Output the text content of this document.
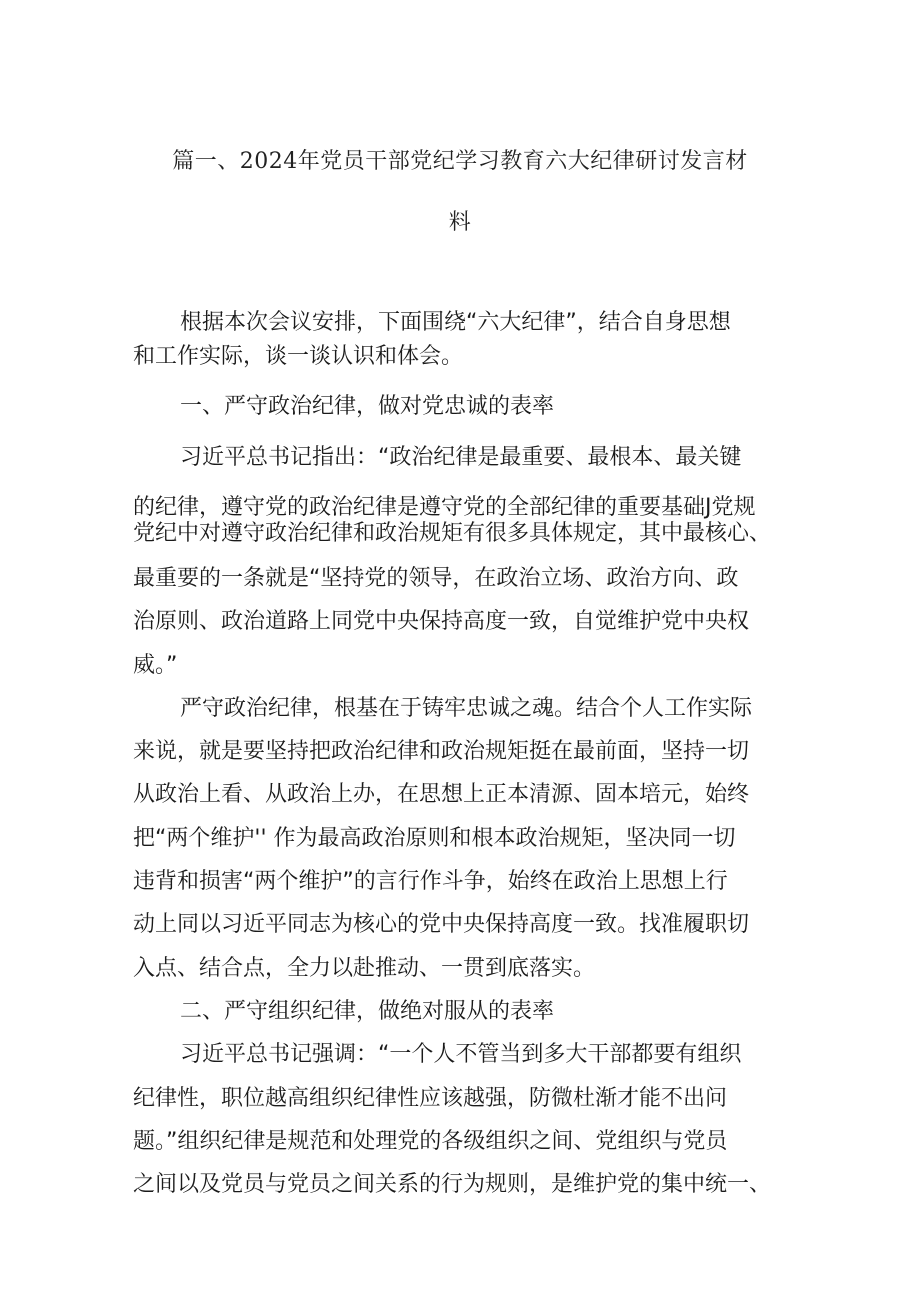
篇一、2024年党员干部党纪学习教育六大纪律研讨发言材
料
根据本次会议安排，下面围绕“六大纪律”，结合自身思想
和工作实际，谈一谈认识和体会。
一、严守政治纪律，做对党忠诚的表率
习近平总书记指出：“政治纪律是最重要、最根本、最关键
的纪律，遵守党的政治纪律是遵守党的全部纪律的重要基础J党规
党纪中对遵守政治纪律和政治规矩有很多具体规定，其中最核心、
最重要的一条就是“坚持党的领导，在政治立场、政治方向、政
治原则、政治道路上同党中央保持高度一致，自觉维护党中央权
威。”
严守政治纪律，根基在于铸牢忠诚之魂。结合个人工作实际
来说，就是要坚持把政治纪律和政治规矩挺在最前面，坚持一切
从政治上看、从政治上办，在思想上正本清源、固本培元，始终
把“两个维护'' 作为最高政治原则和根本政治规矩，坚决同一切
违背和损害“两个维护”的言行作斗争，始终在政治上思想上行
动上同以习近平同志为核心的党中央保持高度一致。找准履职切
入点、结合点，全力以赴推动、一贯到底落实。
二、严守组织纪律，做绝对服从的表率
习近平总书记强调：“一个人不管当到多大干部都要有组织
纪律性，职位越高组织纪律性应该越强，防微杜渐才能不出问
题。”组织纪律是规范和处理党的各级组织之间、党组织与党员
之间以及党员与党员之间关系的行为规则，是维护党的集中统一、
